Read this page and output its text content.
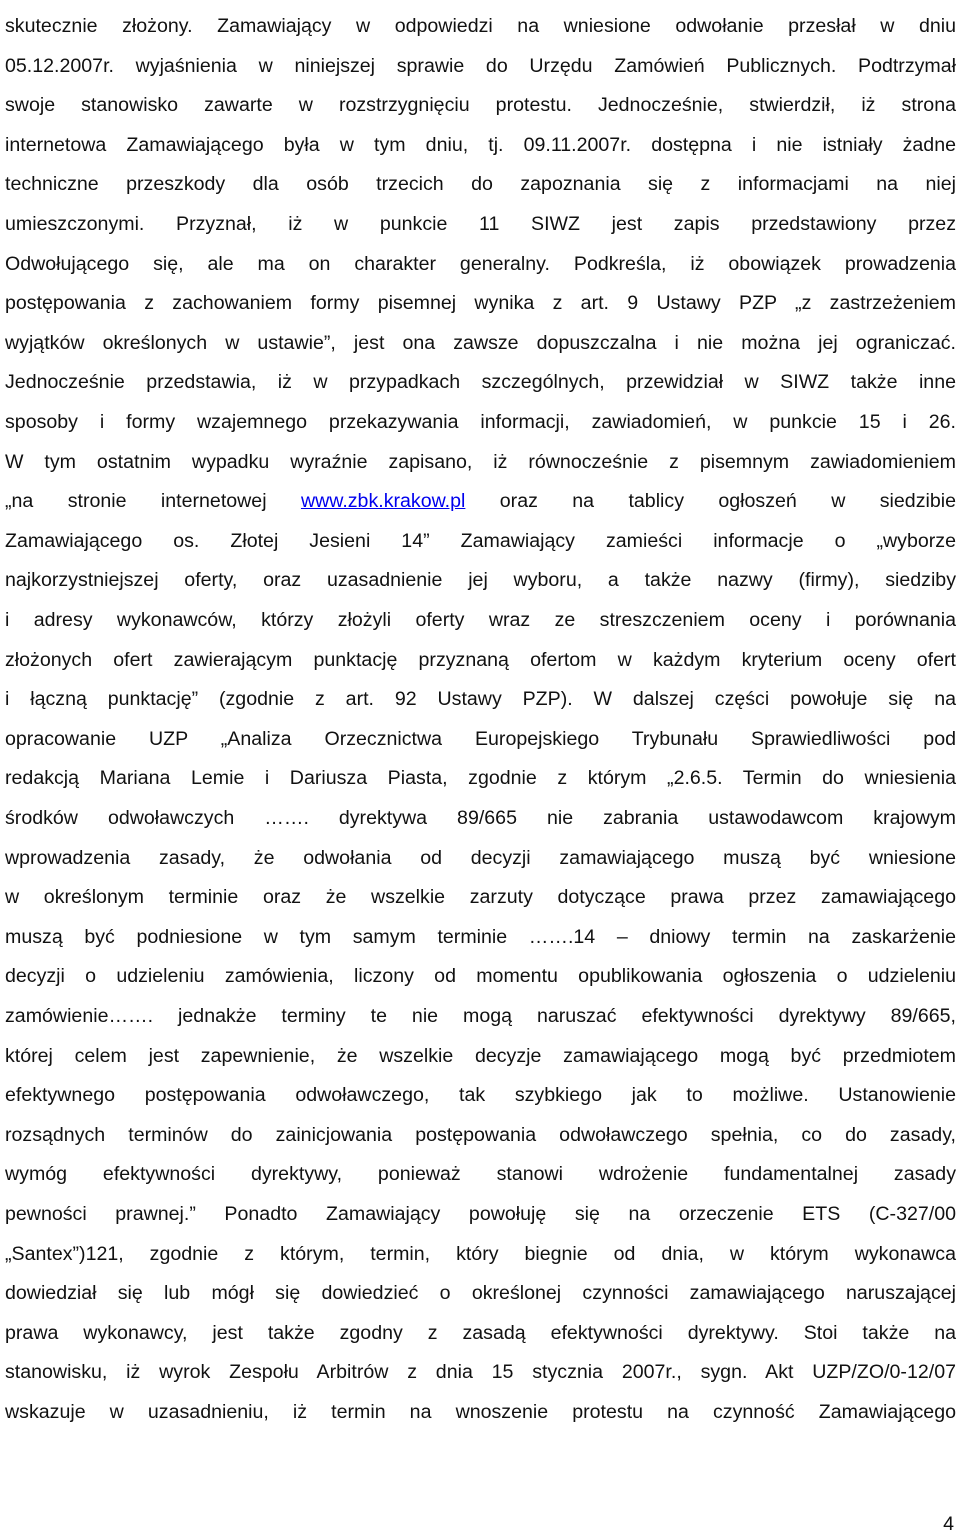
skutecznie złożony. Zamawiający w odpowiedzi na wniesione odwołanie przesłał w dniu
05.12.2007r. wyjaśnienia w niniejszej sprawie do Urzędu Zamówień Publicznych. Podtrzymał
swoje stanowisko zawarte w rozstrzygnięciu protestu. Jednocześnie, stwierdził, iż strona
internetowa Zamawiającego była w tym dniu, tj. 09.11.2007r. dostępna i nie istniały żadne
techniczne przeszkody dla osób trzecich do zapoznania się z informacjami na niej
umieszczonymi. Przyznał, iż w punkcie 11 SIWZ jest zapis przedstawiony przez
Odwołującego się, ale ma on charakter generalny. Podkreśla, iż obowiązek prowadzenia
postępowania z zachowaniem formy pisemnej wynika z art. 9 Ustawy PZP „z zastrzeżeniem
wyjątków określonych w ustawie”, jest ona zawsze dopuszczalna i nie można jej ograniczać.
Jednocześnie przedstawia, iż w przypadkach szczególnych, przewidział w SIWZ także inne
sposoby i formy wzajemnego przekazywania informacji, zawiadomień, w punkcie 15 i 26.
W tym ostatnim wypadku wyraźnie zapisano, iż równocześnie z pisemnym zawiadomieniem
„na stronie internetowej www.zbk.krakow.pl oraz na tablicy ogłoszeń w siedzibie
Zamawiającego os. Złotej Jesieni 14” Zamawiający zamieści informacje o „wyborze
najkorzystniejszej oferty, oraz uzasadnienie jej wyboru, a także nazwy (firmy), siedziby
i adresy wykonawców, którzy złożyli oferty wraz ze streszczeniem oceny i porównania
złożonych ofert zawierającym punktację przyznaną ofertom w każdym kryterium oceny ofert
i łączną punktację” (zgodnie z art. 92 Ustawy PZP). W dalszej części powołuje się na
opracowanie UZP „Analiza Orzecznictwa Europejskiego Trybunału Sprawiedliwości pod
redakcją Mariana Lemie i Dariusza Piasta, zgodnie z którym „2.6.5. Termin do wniesienia
środków odwoławczych ……. dyrektywa 89/665 nie zabrania ustawodawcom krajowym
wprowadzenia zasady, że odwołania od decyzji zamawiającego muszą być wniesione
w określonym terminie oraz że wszelkie zarzuty dotyczące prawa przez zamawiającego
muszą być podniesione w tym samym terminie …….14 – dniowy termin na zaskarżenie
decyzji o udzieleniu zamówienia, liczony od momentu opublikowania ogłoszenia o udzieleniu
zamówienie……. jednakże terminy te nie mogą naruszać efektywności dyrektywy 89/665,
której celem jest zapewnienie, że wszelkie decyzje zamawiającego mogą być przedmiotem
efektywnego postępowania odwoławczego, tak szybkiego jak to możliwe. Ustanowienie
rozsądnych terminów do zainicjowania postępowania odwoławczego spełnia, co do zasady,
wymóg efektywności dyrektywy, ponieważ stanowi wdrożenie fundamentalnej zasady
pewności prawnej.” Ponadto Zamawiający powołuję się na orzeczenie ETS (C-327/00
„Santex”)121, zgodnie z którym, termin, który biegnie od dnia, w którym wykonawca
dowiedział się lub mógł się dowiedzieć o określonej czynności zamawiającego naruszającej
prawa wykonawcy, jest także zgodny z zasadą efektywności dyrektywy. Stoi także na
stanowisku, iż wyrok Zespołu Arbitrów z dnia 15 stycznia 2007r., sygn. Akt UZP/ZO/0-12/07
wskazuje w uzasadnieniu, iż termin na wnoszenie protestu na czynność Zamawiającego
4
